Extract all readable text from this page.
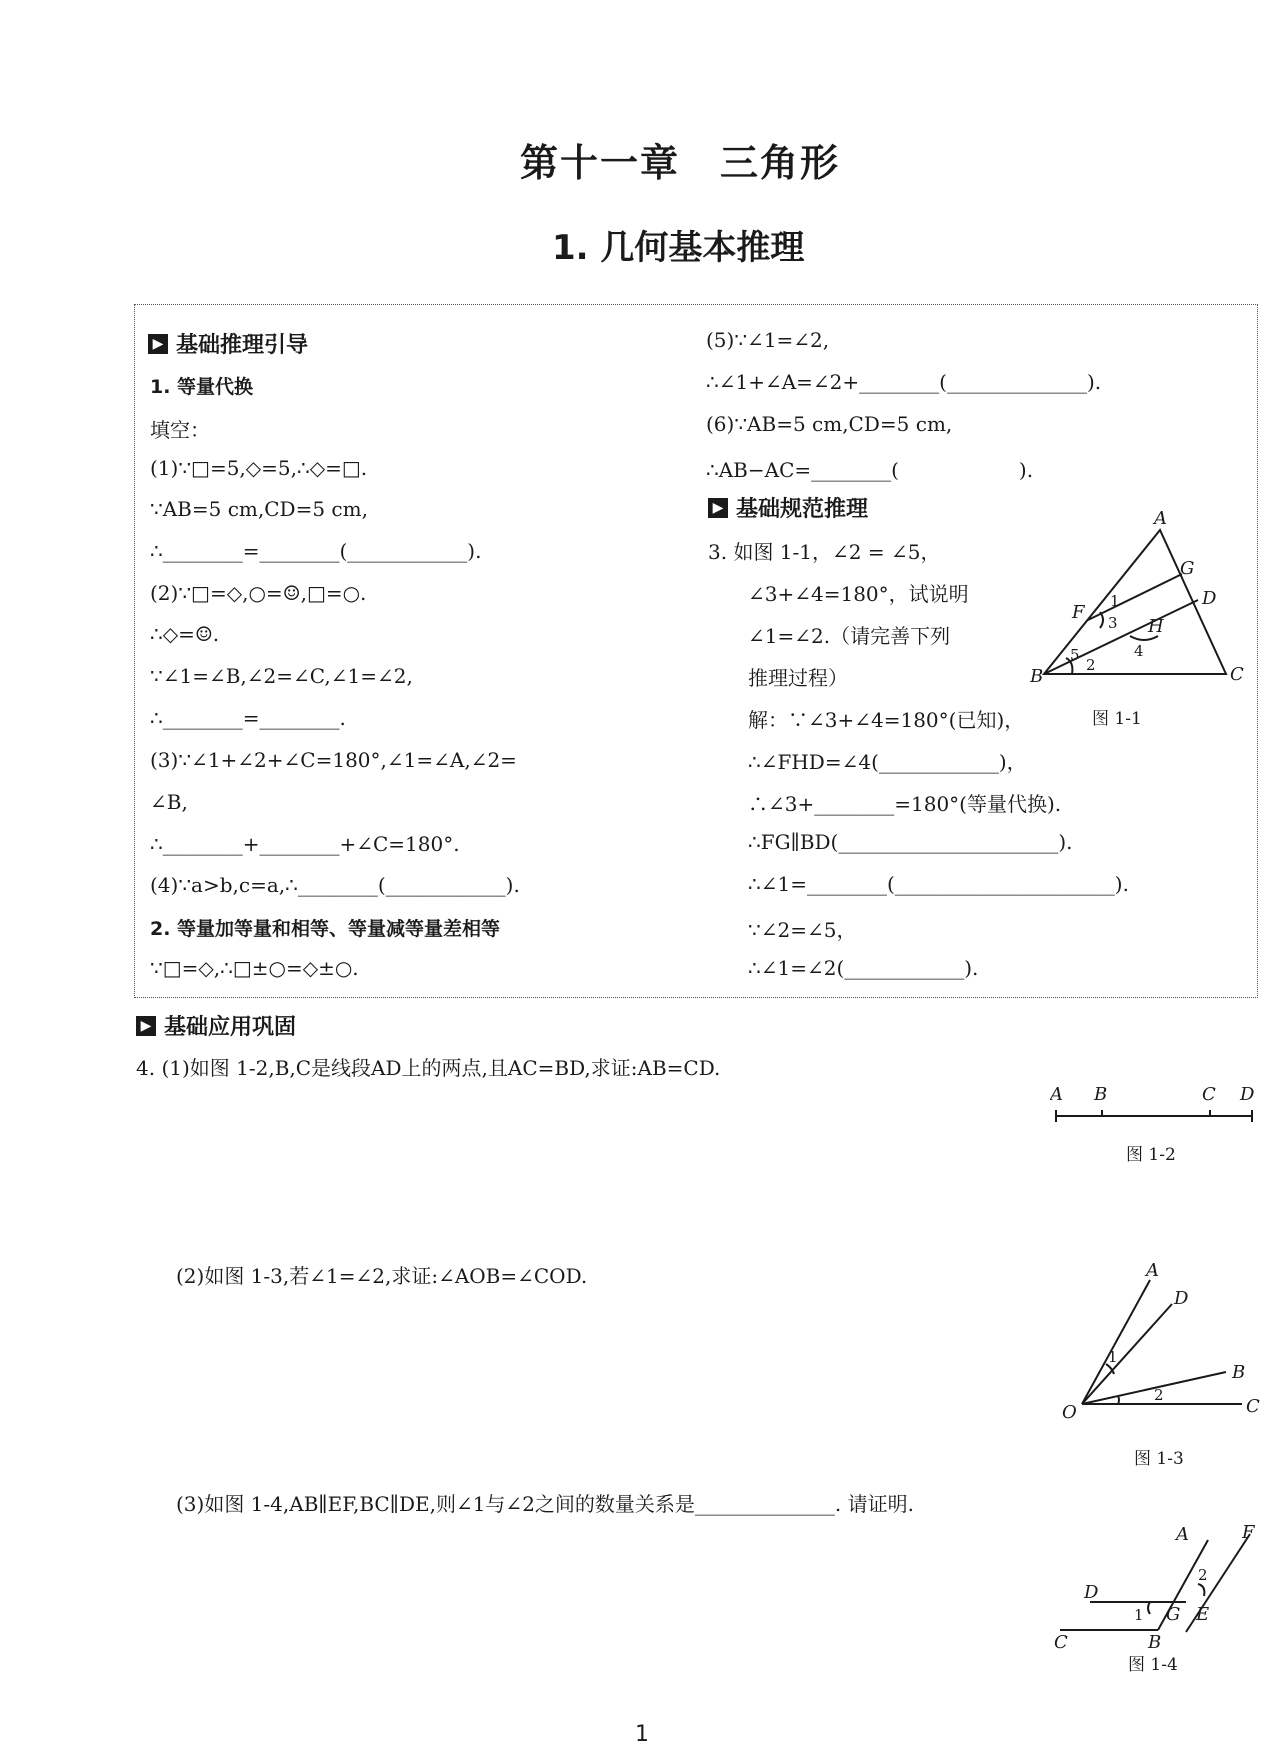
第十一章　三角形
1. 几何基本推理
▶ 基础推理引导
1. 等量代换
填空：
(1)∵□=5,◇=5,∴◇=□.
∵AB=5 cm,CD=5 cm,
∴________=________(____________).
(2)∵□=◇,○=☺,□=○.
∴◇=☺.
∵∠1=∠B,∠2=∠C,∠1=∠2,
∴________=________.
(3)∵∠1+∠2+∠C=180°,∠1=∠A,∠2=
∠B,
∴________+________+∠C=180°.
(4)∵a>b,c=a,∴________(____________).
2. 等量加等量和相等、等量减等量差相等
∵□=◇,∴□±○=◇±○.
(5)∵∠1=∠2,
∴∠1+∠A=∠2+________(______________).
(6)∵AB=5 cm,CD=5 cm,
∴AB−AC=________(　　　　　　).
▶ 基础规范推理
3. 如图 1-1，∠2 = ∠5，
∠3+∠4=180°，试说明
∠1=∠2.（请完善下列
推理过程）
解：∵∠3+∠4=180°(已知)，
∴∠FHD=∠4(____________)，
∴∠3+________=180°(等量代换).
∴FG∥BD(______________________).
∴∠1=________(______________________).
∵∠2=∠5，
∴∠1=∠2(____________).
A
G
D
F
1
3 H
5
2
4
B	C
图 1-1
▶ 基础应用巩固
4. (1)如图 1-2,B,C是线段AD上的两点,且AC=BD,求证:AB=CD.
A B	C D
图 1-2
(2)如图 1-3,若∠1=∠2,求证:∠AOB=∠COD.	A
D
1
B
2
O	C
图 1-3
(3)如图 1-4,AB∥EF,BC∥DE,则∠1与∠2之间的数量关系是______________. 请证明.
A	F
2
D
1 G E
C	B
图 1-4
1
